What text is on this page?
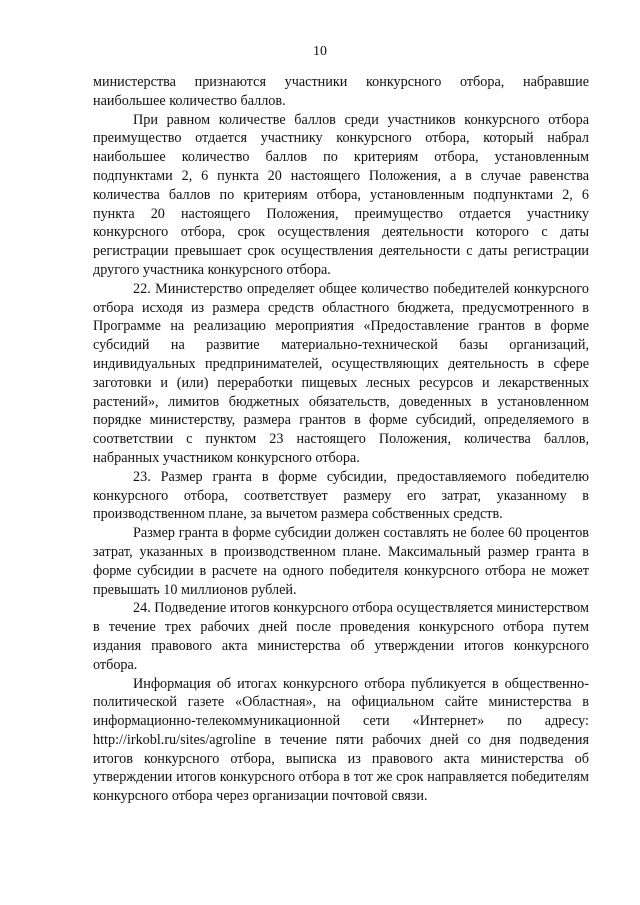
10

министерства признаются участники конкурсного отбора, набравшие наибольшее количество баллов.

При равном количестве баллов среди участников конкурсного отбора преимущество отдается участнику конкурсного отбора, который набрал наибольшее количество баллов по критериям отбора, установленным подпунктами 2, 6 пункта 20 настоящего Положения, а в случае равенства количества баллов по критериям отбора, установленным подпунктами 2, 6 пункта 20 настоящего Положения, преимущество отдается участнику конкурсного отбора, срок осуществления деятельности которого с даты регистрации превышает срок осуществления деятельности с даты регистрации другого участника конкурсного отбора.

22. Министерство определяет общее количество победителей конкурсного отбора исходя из размера средств областного бюджета, предусмотренного в Программе на реализацию мероприятия «Предоставление грантов в форме субсидий на развитие материально-технической базы организаций, индивидуальных предпринимателей, осуществляющих деятельность в сфере заготовки и (или) переработки пищевых лесных ресурсов и лекарственных растений», лимитов бюджетных обязательств, доведенных в установленном порядке министерству, размера грантов в форме субсидий, определяемого в соответствии с пунктом 23 настоящего Положения, количества баллов, набранных участником конкурсного отбора.

23. Размер гранта в форме субсидии, предоставляемого победителю конкурсного отбора, соответствует размеру его затрат, указанному в производственном плане, за вычетом размера собственных средств.

Размер гранта в форме субсидии должен составлять не более 60 процентов затрат, указанных в производственном плане. Максимальный размер гранта в форме субсидии в расчете на одного победителя конкурсного отбора не может превышать 10 миллионов рублей.

24. Подведение итогов конкурсного отбора осуществляется министерством в течение трех рабочих дней после проведения конкурсного отбора путем издания правового акта министерства об утверждении итогов конкурсного отбора.

Информация об итогах конкурсного отбора публикуется в общественно-политической газете «Областная», на официальном сайте министерства в информационно-телекоммуникационной сети «Интернет» по адресу: http://irkobl.ru/sites/agroline в течение пяти рабочих дней со дня подведения итогов конкурсного отбора, выписка из правового акта министерства об утверждении итогов конкурсного отбора в тот же срок направляется победителям конкурсного отбора через организации почтовой связи.
